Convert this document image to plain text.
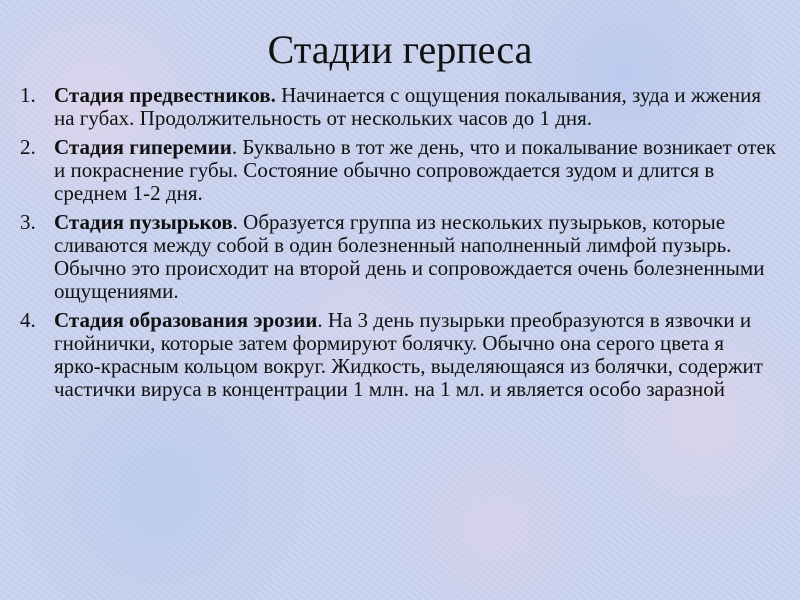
Стадии герпеса
1. Стадия предвестников. Начинается с ощущения покалывания, зуда и жжения на губах. Продолжительность от нескольких часов до 1 дня.
2. Стадия гиперемии. Буквально в тот же день, что и покалывание возникает отек и покраснение губы. Состояние обычно сопровождается зудом и длится в среднем 1-2 дня.
3. Стадия пузырьков. Образуется группа из нескольких пузырьков, которые сливаются между собой в один болезненный наполненный лимфой пузырь. Обычно это происходит на второй день и сопровождается очень болезненными ощущениями.
4. Стадия образования эрозии. На 3 день пузырьки преобразуются в язвочки и гнойнички, которые затем формируют болячку. Обычно она серого цвета я ярко-красным кольцом вокруг. Жидкость, выделяющаяся из болячки, содержит частички вируса в концентрации 1 млн. на 1 мл. и является особо заразной
